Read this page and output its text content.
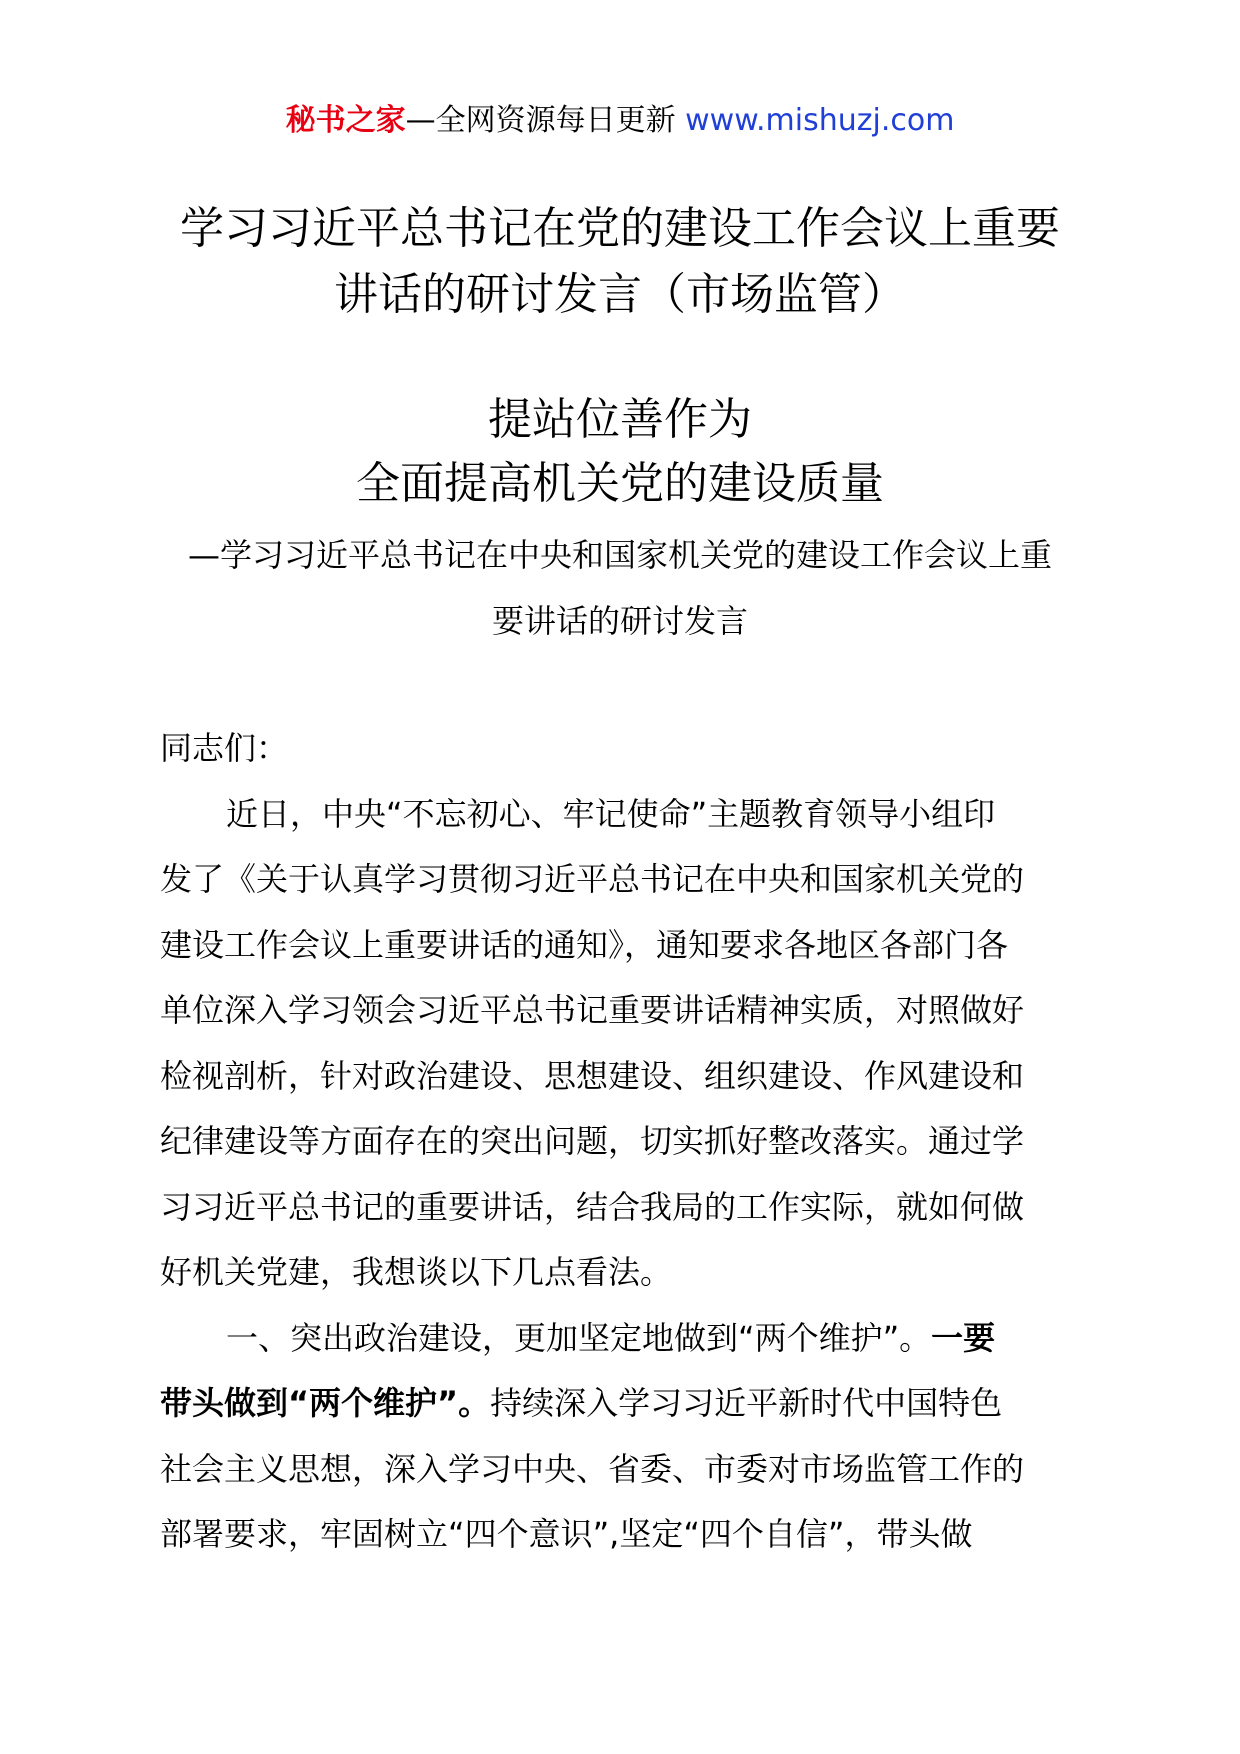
秘书之家—全网资源每日更新 www.mishuzj.com
学习习近平总书记在党的建设工作会议上重要
讲话的研讨发言（市场监管）
提站位善作为
全面提高机关党的建设质量
—学习习近平总书记在中央和国家机关党的建设工作会议上重
要讲话的研讨发言
同志们：
近日，中央“不忘初心、牢记使命”主题教育领导小组印
发了《关于认真学习贯彻习近平总书记在中央和国家机关党的
建设工作会议上重要讲话的通知》，通知要求各地区各部门各
单位深入学习领会习近平总书记重要讲话精神实质，对照做好
检视剖析，针对政治建设、思想建设、组织建设、作风建设和
纪律建设等方面存在的突出问题，切实抓好整改落实。通过学
习习近平总书记的重要讲话，结合我局的工作实际，就如何做
好机关党建，我想谈以下几点看法。
一、突出政治建设，更加坚定地做到“两个维护”。一要
带头做到“两个维护”。持续深入学习习近平新时代中国特色
社会主义思想，深入学习中央、省委、市委对市场监管工作的
部署要求，牢固树立“四个意识”,坚定“四个自信”，带头做
